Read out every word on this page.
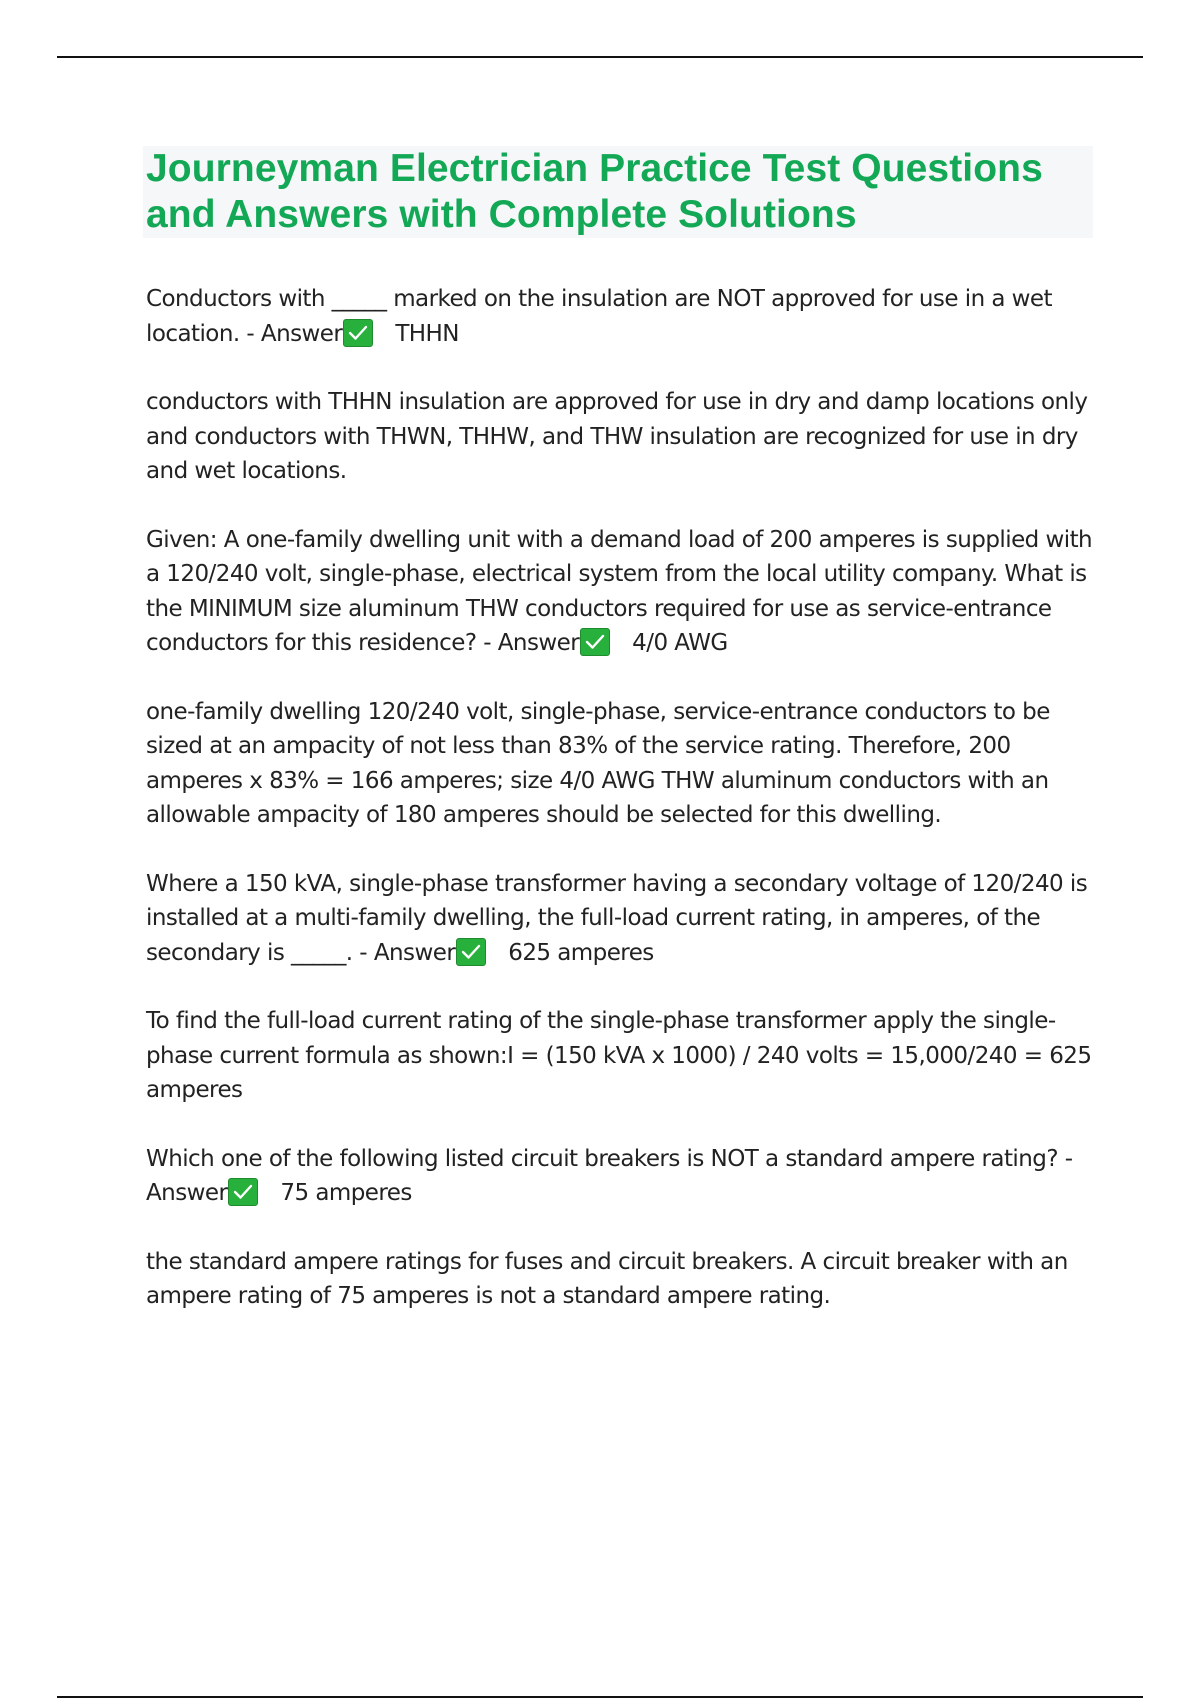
Journeyman Electrician Practice Test Questions and Answers with Complete Solutions

Conductors with _____ marked on the insulation are NOT approved for use in a wet location. - Answer THHN

conductors with THHN insulation are approved for use in dry and damp locations only and conductors with THWN, THHW, and THW insulation are recognized for use in dry and wet locations.

Given: A one-family dwelling unit with a demand load of 200 amperes is supplied with a 120/240 volt, single-phase, electrical system from the local utility company. What is the MINIMUM size aluminum THW conductors required for use as service-entrance conductors for this residence? - Answer 4/0 AWG

one-family dwelling 120/240 volt, single-phase, service-entrance conductors to be sized at an ampacity of not less than 83% of the service rating. Therefore, 200 amperes x 83% = 166 amperes; size 4/0 AWG THW aluminum conductors with an allowable ampacity of 180 amperes should be selected for this dwelling.

Where a 150 kVA, single-phase transformer having a secondary voltage of 120/240 is installed at a multi-family dwelling, the full-load current rating, in amperes, of the secondary is _____. - Answer 625 amperes

To find the full-load current rating of the single-phase transformer apply the single-phase current formula as shown:I = (150 kVA x 1000) / 240 volts = 15,000/240 = 625 amperes

Which one of the following listed circuit breakers is NOT a standard ampere rating? - Answer 75 amperes

the standard ampere ratings for fuses and circuit breakers. A circuit breaker with an ampere rating of 75 amperes is not a standard ampere rating.
